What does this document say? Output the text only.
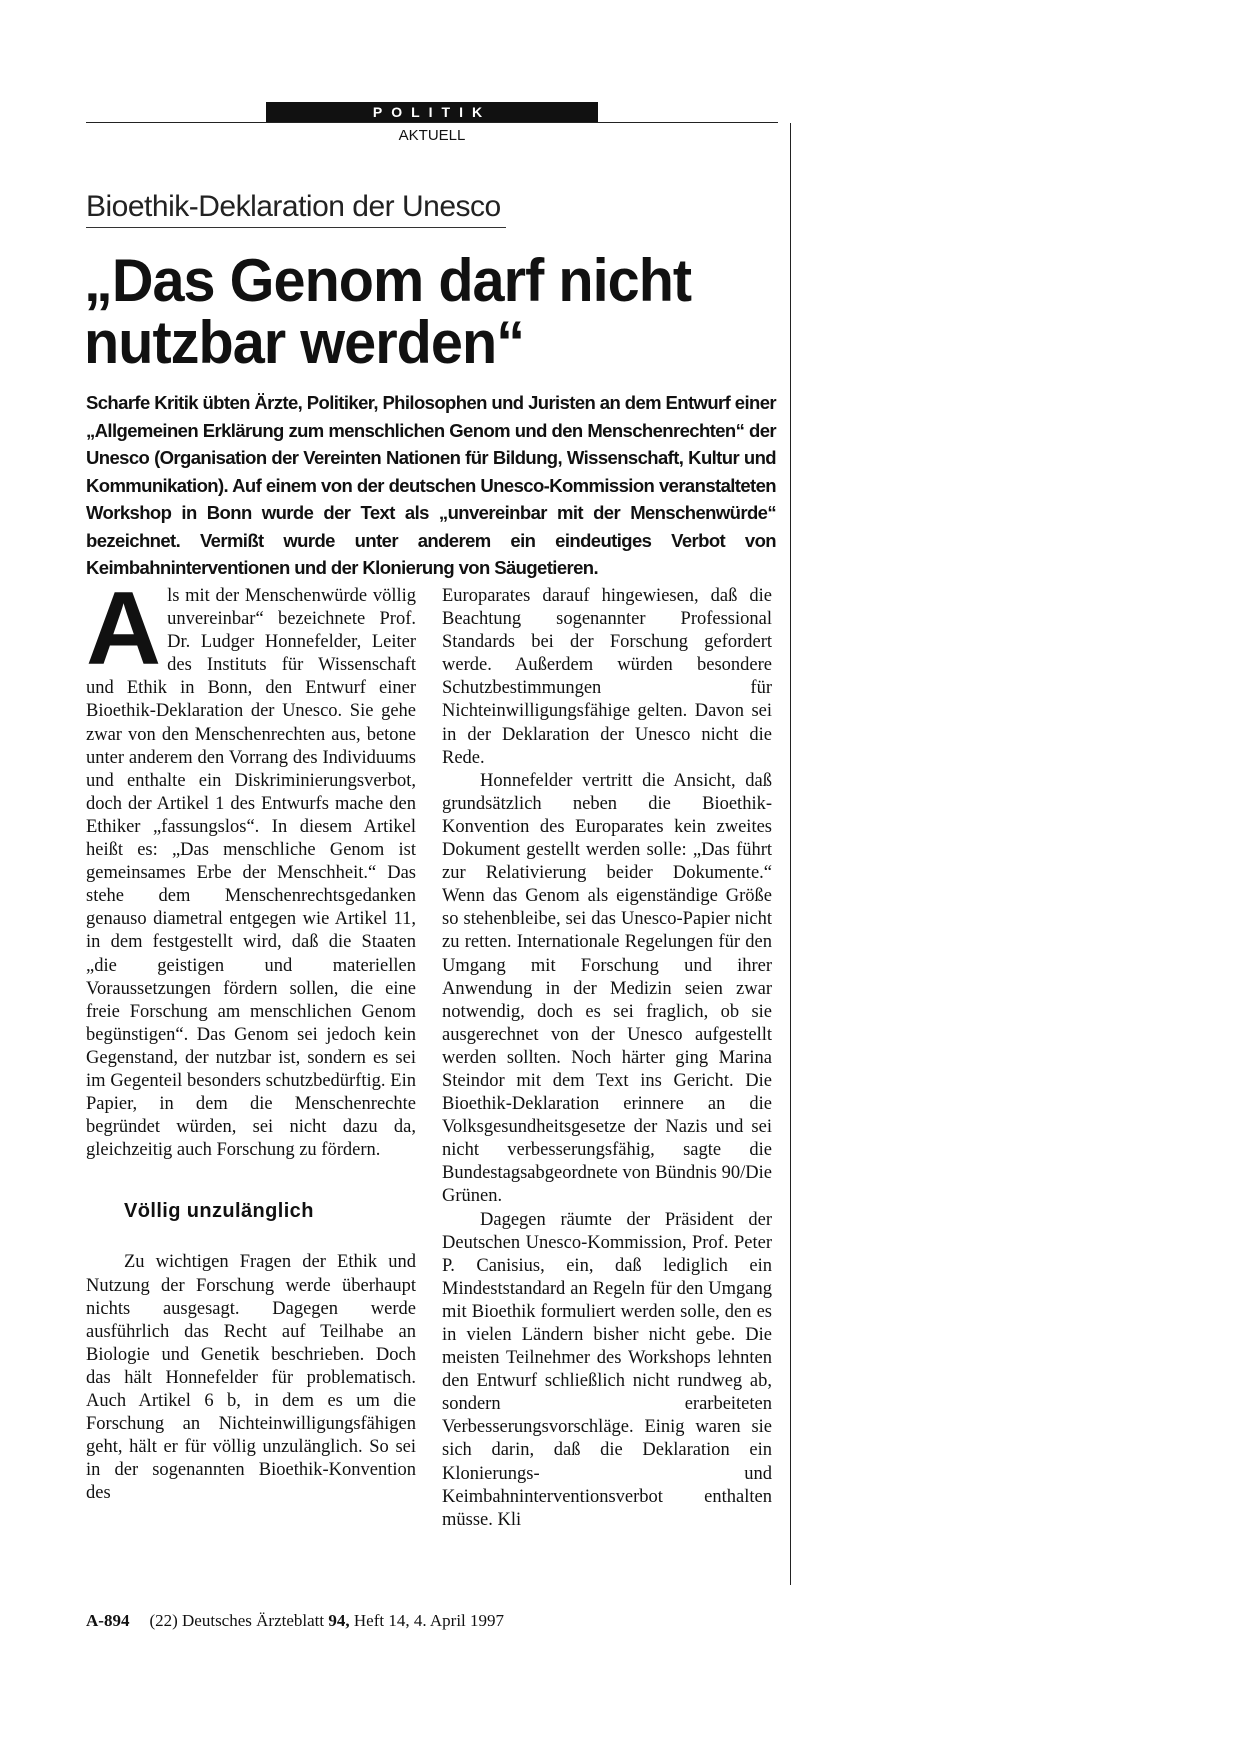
POLITIK
AKTUELL
Bioethik-Deklaration der Unesco
„Das Genom darf nicht
nutzbar werden“

Scharfe Kritik übten Ärzte, Politiker, Philosophen und Juristen an dem Entwurf einer „Allgemeinen Erklärung zum menschlichen Genom und den Menschenrechten“ der Unesco (Organisation der Vereinten Nationen für Bildung, Wissenschaft, Kultur und Kommunikation). Auf einem von der deutschen Unesco-Kommission veranstalteten Workshop in Bonn wurde der Text als „unvereinbar mit der Menschenwürde“ bezeichnet. Vermißt wurde unter anderem ein eindeutiges Verbot von Keimbahninterventionen und der Klonierung von Säugetieren.

Als mit der Menschenwürde völlig unvereinbar“ bezeichnete Prof. Dr. Ludger Honnefelder, Leiter des Instituts für Wissenschaft und Ethik in Bonn, den Entwurf einer Bioethik-Deklaration der Unesco. Sie gehe zwar von den Menschenrechten aus, betone unter anderem den Vorrang des Individuums und enthalte ein Diskriminierungsverbot, doch der Artikel 1 des Entwurfs mache den Ethiker „fassungslos“. In diesem Artikel heißt es: „Das menschliche Genom ist gemeinsames Erbe der Menschheit.“ Das stehe dem Menschenrechtsgedanken genauso diametral entgegen wie Artikel 11, in dem festgestellt wird, daß die Staaten „die geistigen und materiellen Voraussetzungen fördern sollen, die eine freie Forschung am menschlichen Genom begünstigen“. Das Genom sei jedoch kein Gegenstand, der nutzbar ist, sondern es sei im Gegenteil besonders schutzbedürftig. Ein Papier, in dem die Menschenrechte begründet würden, sei nicht dazu da, gleichzeitig auch Forschung zu fördern.

Völlig unzulänglich

Zu wichtigen Fragen der Ethik und Nutzung der Forschung werde überhaupt nichts ausgesagt. Dagegen werde ausführlich das Recht auf Teilhabe an Biologie und Genetik beschrieben. Doch das hält Honnefelder für problematisch. Auch Artikel 6 b, in dem es um die Forschung an Nichteinwilligungsfähigen geht, hält er für völlig unzulänglich. So sei in der sogenannten Bioethik-Konvention des

Europarates darauf hingewiesen, daß die Beachtung sogenannter Professional Standards bei der Forschung gefordert werde. Außerdem würden besondere Schutzbestimmungen für Nichteinwilligungsfähige gelten. Davon sei in der Deklaration der Unesco nicht die Rede.

Honnefelder vertritt die Ansicht, daß grundsätzlich neben die Bioethik-Konvention des Europarates kein zweites Dokument gestellt werden solle: „Das führt zur Relativierung beider Dokumente.“ Wenn das Genom als eigenständige Größe so stehenbleibe, sei das Unesco-Papier nicht zu retten. Internationale Regelungen für den Umgang mit Forschung und ihrer Anwendung in der Medizin seien zwar notwendig, doch es sei fraglich, ob sie ausgerechnet von der Unesco aufgestellt werden sollten. Noch härter ging Marina Steindor mit dem Text ins Gericht. Die Bioethik-Deklaration erinnere an die Volksgesundheitsgesetze der Nazis und sei nicht verbesserungsfähig, sagte die Bundestagsabgeordnete von Bündnis 90/Die Grünen.

Dagegen räumte der Präsident der Deutschen Unesco-Kommission, Prof. Peter P. Canisius, ein, daß lediglich ein Mindeststandard an Regeln für den Umgang mit Bioethik formuliert werden solle, den es in vielen Ländern bisher nicht gebe. Die meisten Teilnehmer des Workshops lehnten den Entwurf schließlich nicht rundweg ab, sondern erarbeiteten Verbesserungsvorschläge. Einig waren sie sich darin, daß die Deklaration ein Klonierungs- und Keimbahninterventionsverbot enthalten müsse. Kli

A-894 (22) Deutsches Ärzteblatt 94, Heft 14, 4. April 1997
